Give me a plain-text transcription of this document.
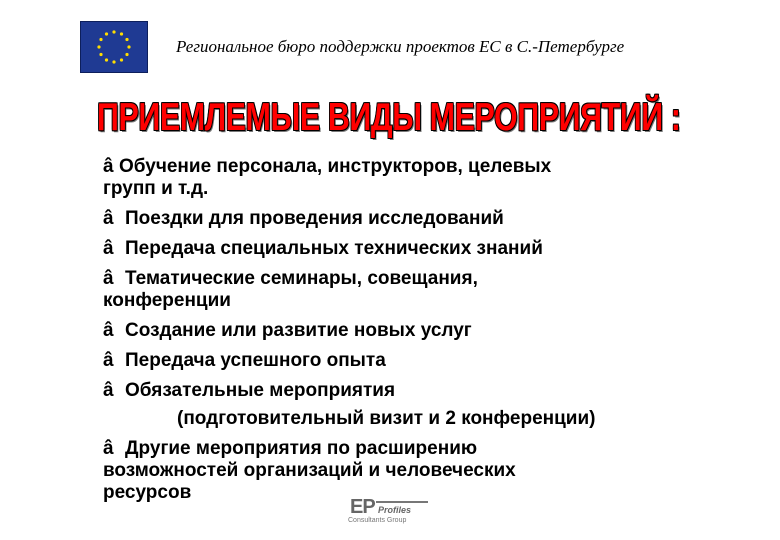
Региональное бюро поддержки проектов ЕС в С.-Петербурге
ПРИЕМЛЕМЫЕ ВИДЫ МЕРОПРИЯТИЙ :
â Обучение персонала, инструкторов, целевых
групп и т.д.
â Поездки для проведения исследований
â Передача специальных технических знаний
â Тематические семинары, совещания,
конференции
â Создание или развитие новых услуг
â Передача успешного опыта
â Обязательные мероприятия
(подготовительный визит и 2 конференции)
â Другие мероприятия по расширению
возможностей организаций и человеческих
ресурсов
EP Profiles
Consultants Group
